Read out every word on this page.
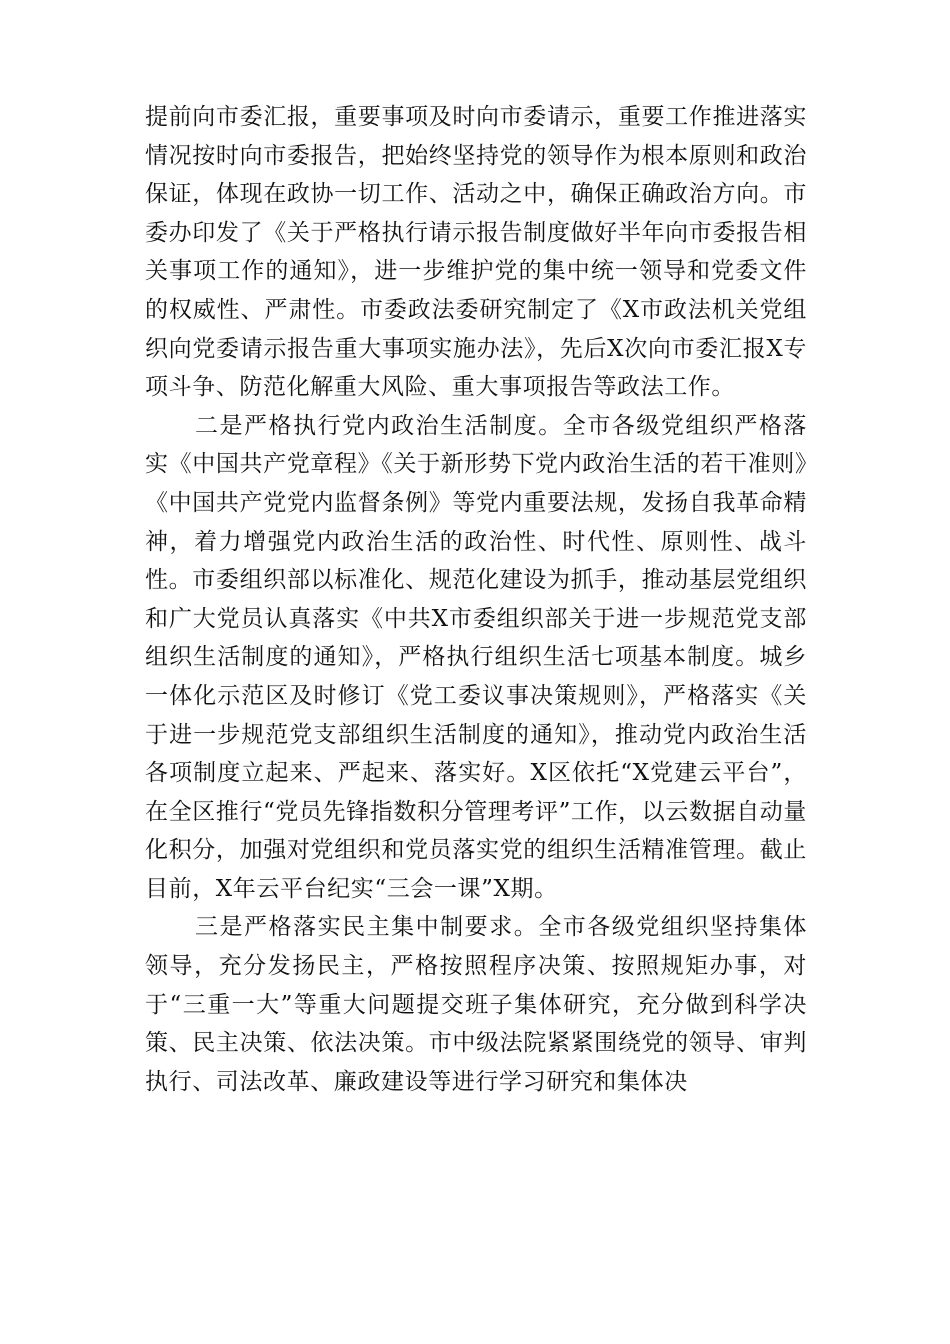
提前向市委汇报，重要事项及时向市委请示，重要工作推进落实情况按时向市委报告，把始终坚持党的领导作为根本原则和政治保证，体现在政协一切工作、活动之中，确保正确政治方向。市委办印发了《关于严格执行请示报告制度做好半年向市委报告相关事项工作的通知》，进一步维护党的集中统一领导和党委文件的权威性、严肃性。市委政法委研究制定了《X市政法机关党组织向党委请示报告重大事项实施办法》，先后X次向市委汇报X专项斗争、防范化解重大风险、重大事项报告等政法工作。

二是严格执行党内政治生活制度。全市各级党组织严格落实《中国共产党章程》《关于新形势下党内政治生活的若干准则》《中国共产党党内监督条例》等党内重要法规，发扬自我革命精神，着力增强党内政治生活的政治性、时代性、原则性、战斗性。市委组织部以标准化、规范化建设为抓手，推动基层党组织和广大党员认真落实《中共X市委组织部关于进一步规范党支部组织生活制度的通知》，严格执行组织生活七项基本制度。城乡一体化示范区及时修订《党工委议事决策规则》，严格落实《关于进一步规范党支部组织生活制度的通知》，推动党内政治生活各项制度立起来、严起来、落实好。X区依托“X党建云平台”，在全区推行“党员先锋指数积分管理考评”工作，以云数据自动量化积分，加强对党组织和党员落实党的组织生活精准管理。截止目前，X年云平台纪实“三会一课”X期。

三是严格落实民主集中制要求。全市各级党组织坚持集体领导，充分发扬民主，严格按照程序决策、按照规矩办事，对于“三重一大”等重大问题提交班子集体研究，充分做到科学决策、民主决策、依法决策。市中级法院紧紧围绕党的领导、审判执行、司法改革、廉政建设等进行学习研究和集体决
